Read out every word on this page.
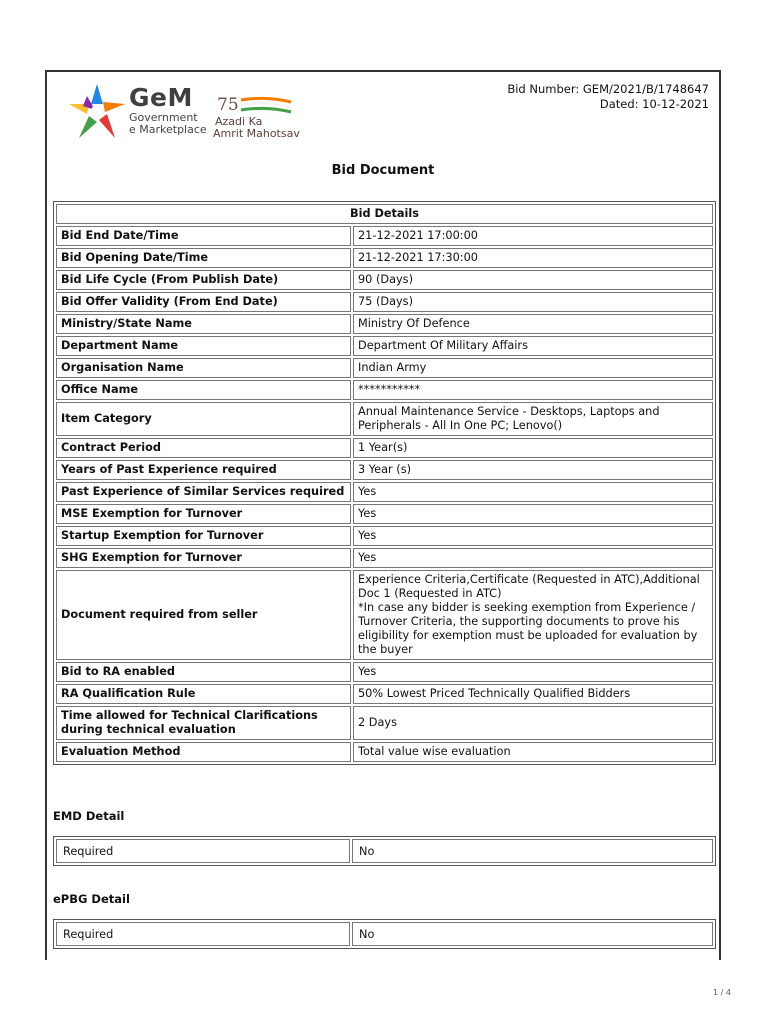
GeM
Government
e Marketplace
75
Azadi Ka
Amrit Mahotsav
Bid Number: GEM/2021/B/1748647
Dated: 10-12-2021
Bid Document
Bid Details	
Bid End Date/Time	21-12-2021 17:00:00
Bid Opening Date/Time	21-12-2021 17:30:00
Bid Life Cycle (From Publish Date)	90 (Days)
Bid Offer Validity (From End Date)	75 (Days)
Ministry/State Name	Ministry Of Defence
Department Name	Department Of Military Affairs
Organisation Name	Indian Army
Office Name	***********
Item Category	Annual Maintenance Service - Desktops, Laptops and Peripherals - All In One PC; Lenovo()
Contract Period	1 Year(s)
Years of Past Experience required	3 Year (s)
Past Experience of Similar Services required	Yes
MSE Exemption for Turnover	Yes
Startup Exemption for Turnover	Yes
SHG Exemption for Turnover	Yes
Document required from seller	Experience Criteria,Certificate (Requested in ATC),Additional Doc 1 (Requested in ATC)
*In case any bidder is seeking exemption from Experience / Turnover Criteria, the supporting documents to prove his eligibility for exemption must be uploaded for evaluation by the buyer

Bid to RA enabled	Yes
RA Qualification Rule	50% Lowest Priced Technically Qualified Bidders
Time allowed for Technical Clarifications during technical evaluation	2 Days
Evaluation Method	Total value wise evaluation
EMD Detail
Required	No
ePBG Detail
Required	No
1 / 4
